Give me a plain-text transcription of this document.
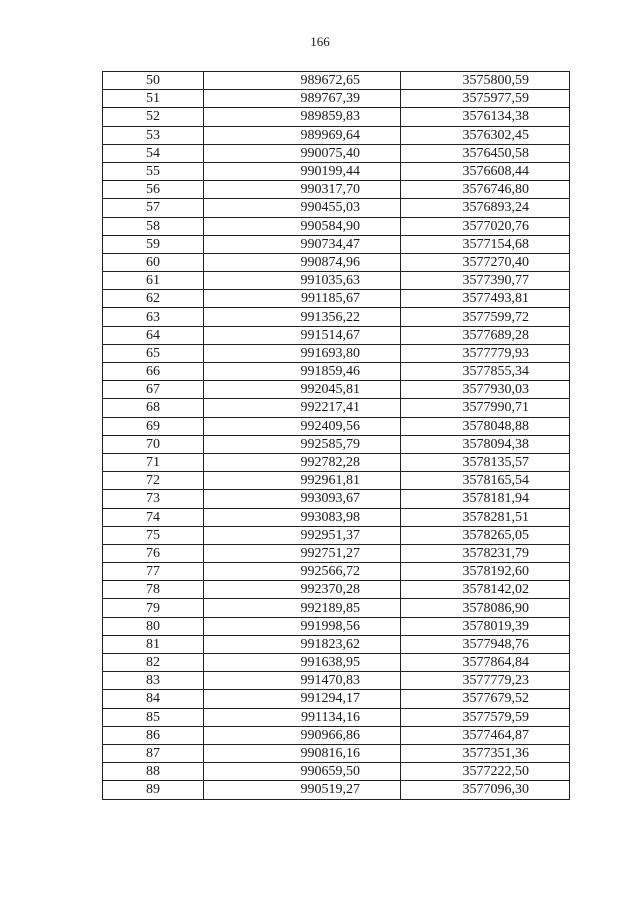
166
50	989672,65	3575800,59
51	989767,39	3575977,59
52	989859,83	3576134,38
53	989969,64	3576302,45
54	990075,40	3576450,58
55	990199,44	3576608,44
56	990317,70	3576746,80
57	990455,03	3576893,24
58	990584,90	3577020,76
59	990734,47	3577154,68
60	990874,96	3577270,40
61	991035,63	3577390,77
62	991185,67	3577493,81
63	991356,22	3577599,72
64	991514,67	3577689,28
65	991693,80	3577779,93
66	991859,46	3577855,34
67	992045,81	3577930,03
68	992217,41	3577990,71
69	992409,56	3578048,88
70	992585,79	3578094,38
71	992782,28	3578135,57
72	992961,81	3578165,54
73	993093,67	3578181,94
74	993083,98	3578281,51
75	992951,37	3578265,05
76	992751,27	3578231,79
77	992566,72	3578192,60
78	992370,28	3578142,02
79	992189,85	3578086,90
80	991998,56	3578019,39
81	991823,62	3577948,76
82	991638,95	3577864,84
83	991470,83	3577779,23
84	991294,17	3577679,52
85	991134,16	3577579,59
86	990966,86	3577464,87
87	990816,16	3577351,36
88	990659,50	3577222,50
89	990519,27	3577096,30
